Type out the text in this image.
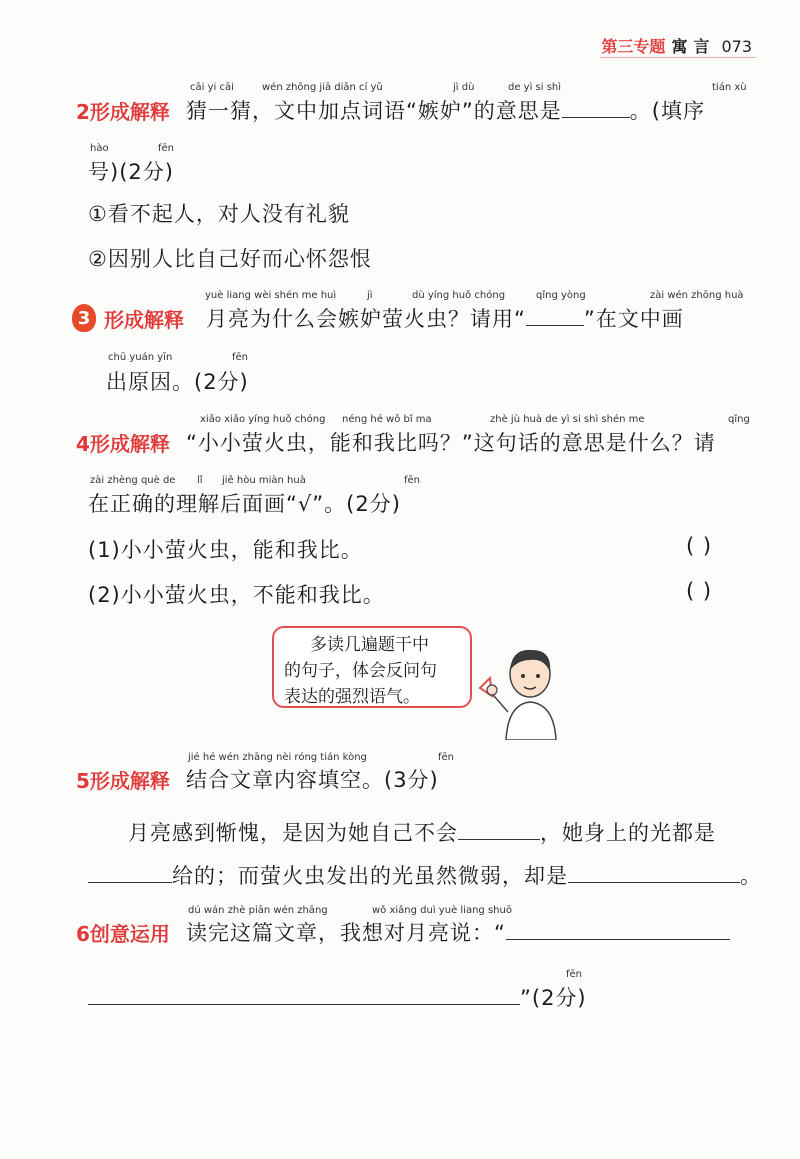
第三专题 寓言 073
cāi yi cāi	wén zhōng jiā diǎn cí yǔ	jì dù	de yì si shì	tián xù
2形成解释 猜一猜，文中加点词语“嫉妒”的意思是	。(填序
hào	fēn
号)(2分)
①看不起人，对人没有礼貌
②因别人比自己好而心怀怨恨
yuè liang wèi shén me huì	jì	dù yíng huǒ chóng	qǐng yòng	zài wén zhōng huà
3 形成解释 月亮为什么会嫉妒萤火虫？请用“	”在文中画
chū yuán yīn	fēn
出原因。(2分)
xiǎo xiǎo yíng huǒ chóng néng hé wǒ bǐ ma	zhè jù huà de yì si shì shén me	qǐng
4形成解释 “小小萤火虫，能和我比吗？”这句话的意思是什么？请
zài zhèng què de lǐ jiě hòu miàn huà	fēn
在正确的理解后面画“√”。(2分)
(1)小小萤火虫，能和我比。	( )
(2)小小萤火虫，不能和我比。	( )
多读几遍题干中
的句子，体会反问句
表达的强烈语气。
jié hé wén zhāng nèi róng tián kòng	fēn
5形成解释 结合文章内容填空。(3分)
月亮感到惭愧，是因为她自己不会	，她身上的光都是
给的；而萤火虫发出的光虽然微弱，却是	。
dú wán zhè piān wén zhāng	wǒ xiǎng duì yuè liang shuō
6创意运用 读完这篇文章，我想对月亮说：“
fēn
”(2分)
